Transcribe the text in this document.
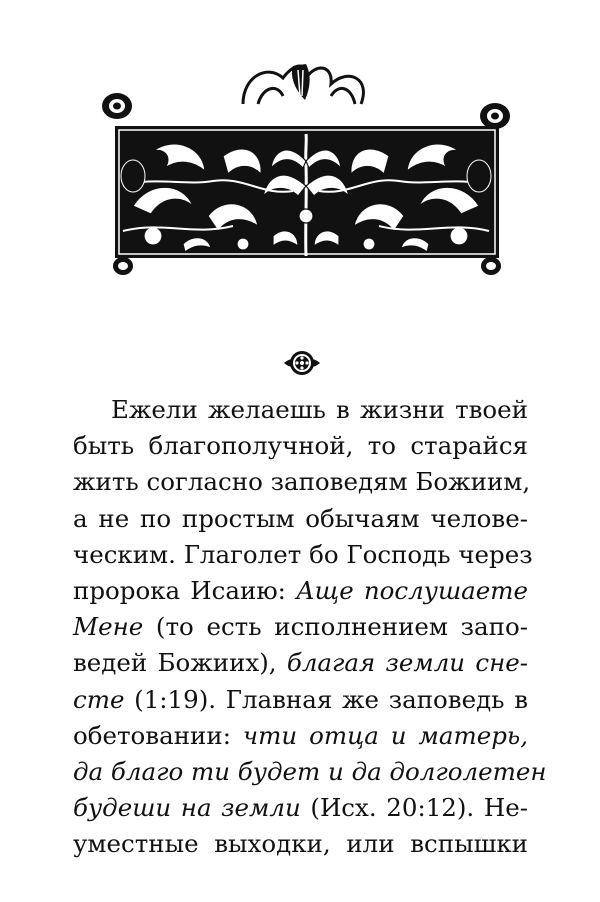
Ежели желаешь в жизни твоей
быть благополучной, то старайся
жить согласно заповедям Божиим,
а не по простым обычаям челове-
ческим. Глаголет бо Господь через
пророка Исаию: Аще послушаете
Мене (то есть исполнением запо-
ведей Божиих), благая земли сне-
сте (1:19). Главная же заповедь в
обетовании: чти отца и матерь,
да благо ти будет и да долголетен
будеши на земли (Исх. 20:12). Не-
уместные выходки, или вспышки
